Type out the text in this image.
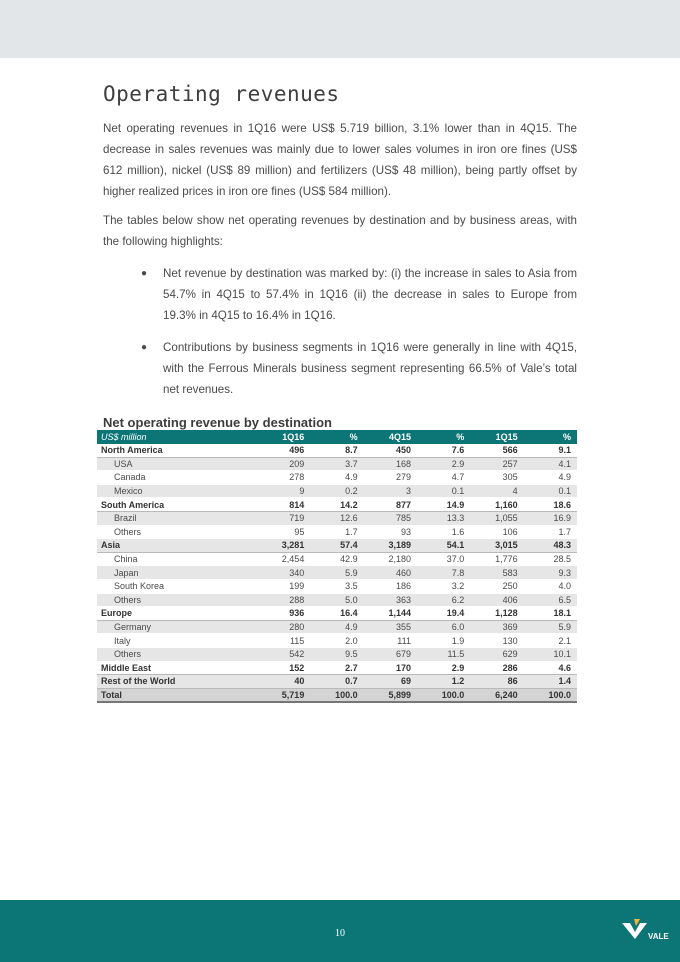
Operating revenues

Net operating revenues in 1Q16 were US$ 5.719 billion, 3.1% lower than in 4Q15. The decrease in sales revenues was mainly due to lower sales volumes in iron ore fines (US$ 612 million), nickel (US$ 89 million) and fertilizers (US$ 48 million), being partly offset by higher realized prices in iron ore fines (US$ 584 million).

The tables below show net operating revenues by destination and by business areas, with the following highlights:

● Net revenue by destination was marked by: (i) the increase in sales to Asia from 54.7% in 4Q15 to 57.4% in 1Q16 (ii) the decrease in sales to Europe from 19.3% in 4Q15 to 16.4% in 1Q16.
● Contributions by business segments in 1Q16 were generally in line with 4Q15, with the Ferrous Minerals business segment representing 66.5% of Vale’s total net revenues.
Net operating revenue by destination
US$ million	1Q16	%	4Q15	%	1Q15	%
North America	496	8.7	450	7.6	566	9.1
USA	209	3.7	168	2.9	257	4.1
Canada	278	4.9	279	4.7	305	4.9
Mexico	9	0.2	3	0.1	4	0.1
South America	814	14.2	877	14.9	1,160	18.6
Brazil	719	12.6	785	13.3	1,055	16.9
Others	95	1.7	93	1.6	106	1.7
Asia	3,281	57.4	3,189	54.1	3,015	48.3
China	2,454	42.9	2,180	37.0	1,776	28.5
Japan	340	5.9	460	7.8	583	9.3
South Korea	199	3.5	186	3.2	250	4.0
Others	288	5.0	363	6.2	406	6.5
Europe	936	16.4	1,144	19.4	1,128	18.1
Germany	280	4.9	355	6.0	369	5.9
Italy	115	2.0	111	1.9	130	2.1
Others	542	9.5	679	11.5	629	10.1
Middle East	152	2.7	170	2.9	286	4.6
Rest of the World	40	0.7	69	1.2	86	1.4
Total	5,719	100.0	5,899	100.0	6,240	100.0
10	VALE
